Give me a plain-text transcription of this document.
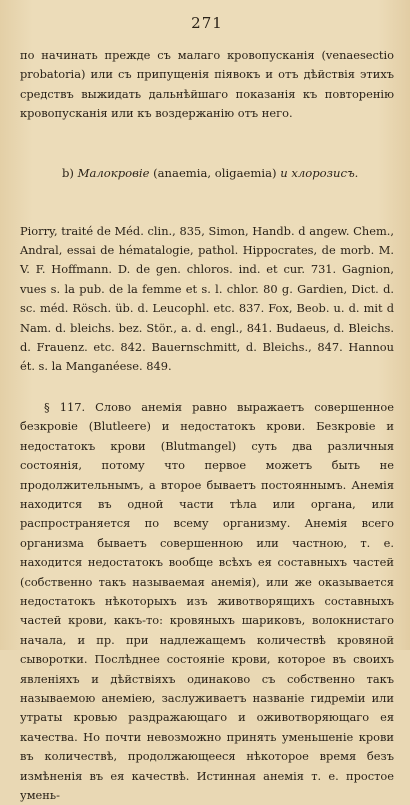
271

по начинать прежде съ малаго кровопусканія (venaesectio probatoria) или съ припущенія піявокъ и отъ дѣйствія этихъ средствъ выжидать дальнѣйшаго показанія къ повторенію кровопусканія или къ воздержанію отъ него.

b) Малокровіе (anaemia, oligaemia) и хлорозисъ.

Piorry, traité de Méd. clin., 835, Simon, Handb. d angew. Chem., Andral, essai de hématalogie, pathol. Hippocrates, de morb. M. V. F. Hoffmann. D. de gen. chloros. ind. et cur. 731. Gagnion, vues s. la pub. de la femme et s. l. chlor. 80 g. Gardien, Dict. d. sc. méd. Rösch. üb. d. Leucophl. etc. 837. Fox, Beob. u. d. mit d Nam. d. bleichs. bez. Stör., a. d. engl., 841. Budaeus, d. Bleichs. d. Frauenz. etc. 842. Bauernschmitt, d. Bleichs., 847. Hannou ét. s. la Manganéese. 849.

§ 117. Слово анемія равно выражаетъ совершенное безкровіе (Blutleere) и недостатокъ крови. Безкровіе и недостатокъ крови (Blutmangel) суть два различныя состоянія, потому что первое можетъ быть не продолжительнымъ, а второе бываетъ постояннымъ. Анемія находится въ одной части тѣла или органа, или распространяется по всему организму. Анемія всего организма бываетъ совершенною или частною, т. е. находится недостатокъ вообще всѣхъ ея составныхъ частей (собственно такъ называемая анемія), или же оказывается недостатокъ нѣкоторыхъ изъ животворящихъ составныхъ частей крови, какъ-то: кровяныхъ шариковъ, волокнистаго начала, и пр. при надлежащемъ количествѣ кровяной сыворотки. Послѣднее состояніе крови, которое въ своихъ явленіяхъ и дѣйствіяхъ одинаково съ собственно такъ называемою анеміею, заслуживаетъ названіе гидреміи или утраты кровью раздражающаго и оживотворяющаго ея качества. Но почти невозможно принять уменьшеніе крови въ количествѣ, продолжающееся нѣкоторое время безъ измѣненія въ ея качествѣ. Истинная анемія т. е. простое умень-
